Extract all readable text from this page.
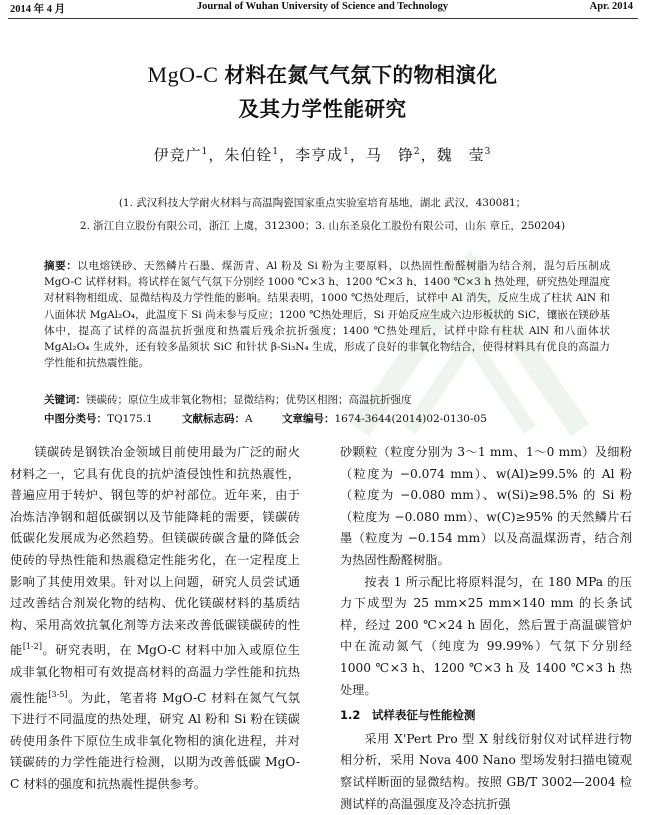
Journal of Wuhan University of Science and Technology
2014 年 4 月	Apr. 2014
MgO-C 材料在氮气气氛下的物相演化
及其力学性能研究
伊竞广$^1$，朱伯铨$^1$，李亨成$^1$，马　铮$^2$，魏　莹$^3$
(1. 武汉科技大学耐火材料与高温陶瓷国家重点实验室培育基地，湖北 武汉，430081；
2. 浙江自立股份有限公司，浙江 上虞，312300；3. 山东圣泉化工股份有限公司，山东 章丘，250204)
摘要：以电熔镁砂、天然鳞片石墨、煤沥青、Al 粉及 Si 粉为主要原料，以热固性酚醛树脂为结合剂，混匀后压制成 MgO-C 试样材料。将试样在氮气气氛下分别经 1000 ℃×3 h、1200 ℃×3 h、1400 ℃×3 h 热处理，研究热处理温度对材料物相组成、显微结构及力学性能的影响。结果表明，1000 ℃热处理后，试样中 Al 消失，反应生成了柱状 AlN 和八面体状 MgAl₂O₄，此温度下 Si 尚未参与反应；1200 ℃热处理后，Si 开始反应生成六边形板状的 SiC，镶嵌在镁砂基体中，提高了试样的高温抗折强度和热震后残余抗折强度；1400 ℃热处理后，试样中除有柱状 AlN 和八面体状 MgAl₂O₄ 生成外，还有较多晶须状 SiC 和针状 β-Si₃N₄ 生成，形成了良好的非氧化物结合，使得材料具有优良的高温力学性能和抗热震性能。
关键词：镁碳砖；原位生成非氧化物相；显微结构；优势区相图；高温抗折强度
中图分类号：TQ175.1	文献标志码：A	文章编号：1674-3644(2014)02-0130-05

镁碳砖是钢铁冶金领域目前使用最为广泛的耐火材料之一，它具有优良的抗炉渣侵蚀性和抗热震性，普遍应用于转炉、钢包等的炉衬部位。近年来，由于冶炼洁净钢和超低碳钢以及节能降耗的需要，镁碳砖低碳化发展成为必然趋势。但镁碳砖碳含量的降低会使砖的导热性能和热震稳定性能劣化，在一定程度上影响了其使用效果。针对以上问题，研究人员尝试通过改善结合剂炭化物的结构、优化镁碳材料的基质结构、采用高效抗氧化剂等方法来改善低碳镁碳砖的性能[1-2]。研究表明，在 MgO-C 材料中加入或原位生成非氧化物相可有效提高材料的高温力学性能和抗热震性能[3-5]。为此，笔者将 MgO-C 材料在氮气气氛下进行不同温度的热处理，研究 Al 粉和 Si 粉在镁碳砖使用条件下原位生成非氧化物相的演化进程，并对镁碳砖的力学性能进行检测，以期为改善低碳 MgO-C 材料的强度和抗热震性提供参考。

砂颗粒（粒度分别为 3～1 mm、1～0 mm）及细粉（粒度为 −0.074 mm）、w(Al)≥99.5% 的 Al 粉（粒度为 −0.080 mm）、w(Si)≥98.5% 的 Si 粉（粒度为 −0.080 mm）、w(C)≥95% 的天然鳞片石墨（粒度为 −0.154 mm）以及高温煤沥青，结合剂为热固性酚醛树脂。

按表 1 所示配比将原料混匀，在 180 MPa 的压力下成型为 25 mm×25 mm×140 mm 的长条试样，经过 200 ℃×24 h 固化，然后置于高温碳管炉中在流动氮气（纯度为 99.99%）气氛下分别经 1000 ℃×3 h、1200 ℃×3 h 及 1400 ℃×3 h 热处理。

1.2　试样表征与性能检测

采用 X'Pert Pro 型 X 射线衍射仪对试样进行物相分析，采用 Nova 400 Nano 型场发射扫描电镜观察试样断面的显微结构。按照 GB/T 3002—2004 检测试样的高温强度及冷态抗折强
